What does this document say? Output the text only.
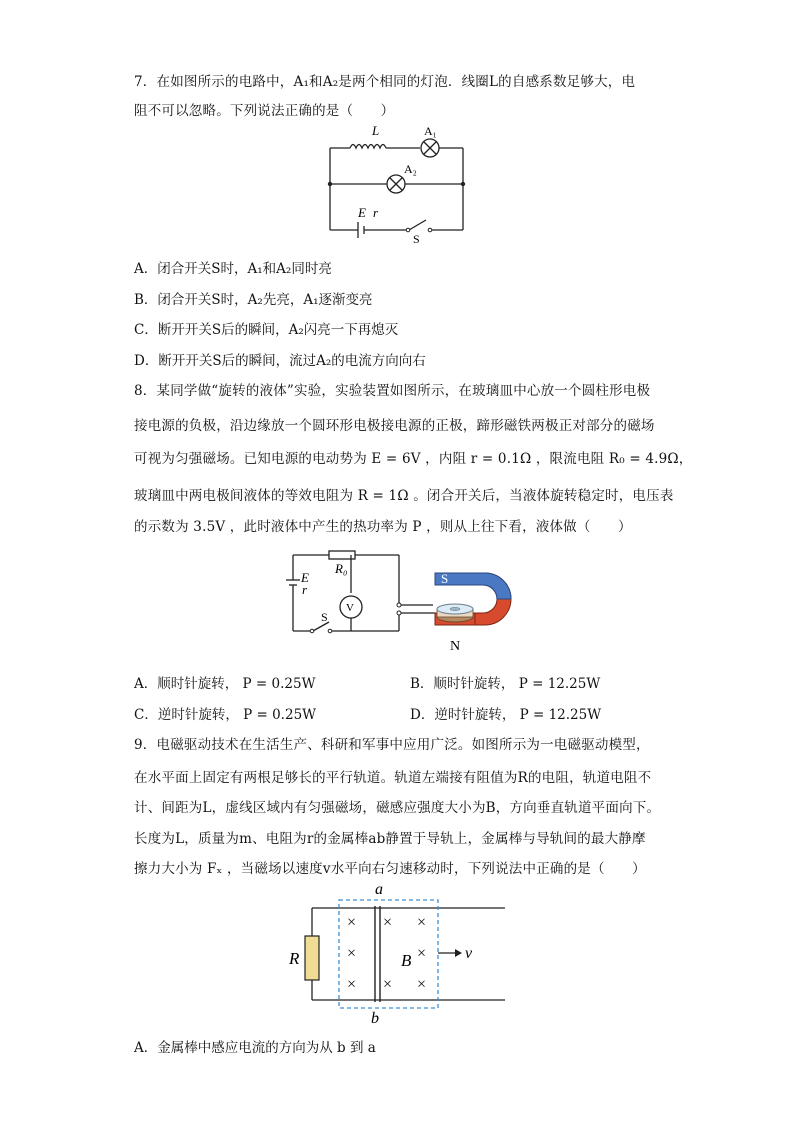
7．在如图所示的电路中，A₁和A₂是两个相同的灯泡．线圈L的自感系数足够大，电
阻不可以忽略。下列说法正确的是（　　）
L	A₁
A₂
E r
S
A．闭合开关S时，A₁和A₂同时亮
B．闭合开关S时，A₂先亮，A₁逐渐变亮
C．断开开关S后的瞬间，A₂闪亮一下再熄灭
D．断开开关S后的瞬间，流过A₂的电流方向向右
8．某同学做“旋转的液体”实验，实验装置如图所示，在玻璃皿中心放一个圆柱形电极
接电源的负极，沿边缘放一个圆环形电极接电源的正极，蹄形磁铁两极正对部分的磁场
可视为匀强磁场。已知电源的电动势为 E = 6V ，内阻 r = 0.1Ω ，限流电阻 R₀ = 4.9Ω，
玻璃皿中两电极间液体的等效电阻为 R = 1Ω 。闭合开关后，当液体旋转稳定时，电压表
的示数为 3.5V ，此时液体中产生的热功率为 P ，则从上往下看，液体做（　　）
E
r
R₀
V
S
S
N
A．顺时针旋转， P = 0.25W	B．顺时针旋转， P = 12.25W
C．逆时针旋转， P = 0.25W	D．逆时针旋转， P = 12.25W
9．电磁驱动技术在生活生产、科研和军事中应用广泛。如图所示为一电磁驱动模型，
在水平面上固定有两根足够长的平行轨道。轨道左端接有阻值为R的电阻，轨道电阻不
计、间距为L，虚线区域内有匀强磁场，磁感应强度大小为B，方向垂直轨道平面向下。
长度为L，质量为m、电阻为r的金属棒ab静置于导轨上，金属棒与导轨间的最大静摩
擦力大小为 Fₓ ，当磁场以速度v水平向右匀速移动时，下列说法中正确的是（　　）
×
×
×
×
×
×
×
×
a
b
R	B	v
A．金属棒中感应电流的方向为从 b 到 a
